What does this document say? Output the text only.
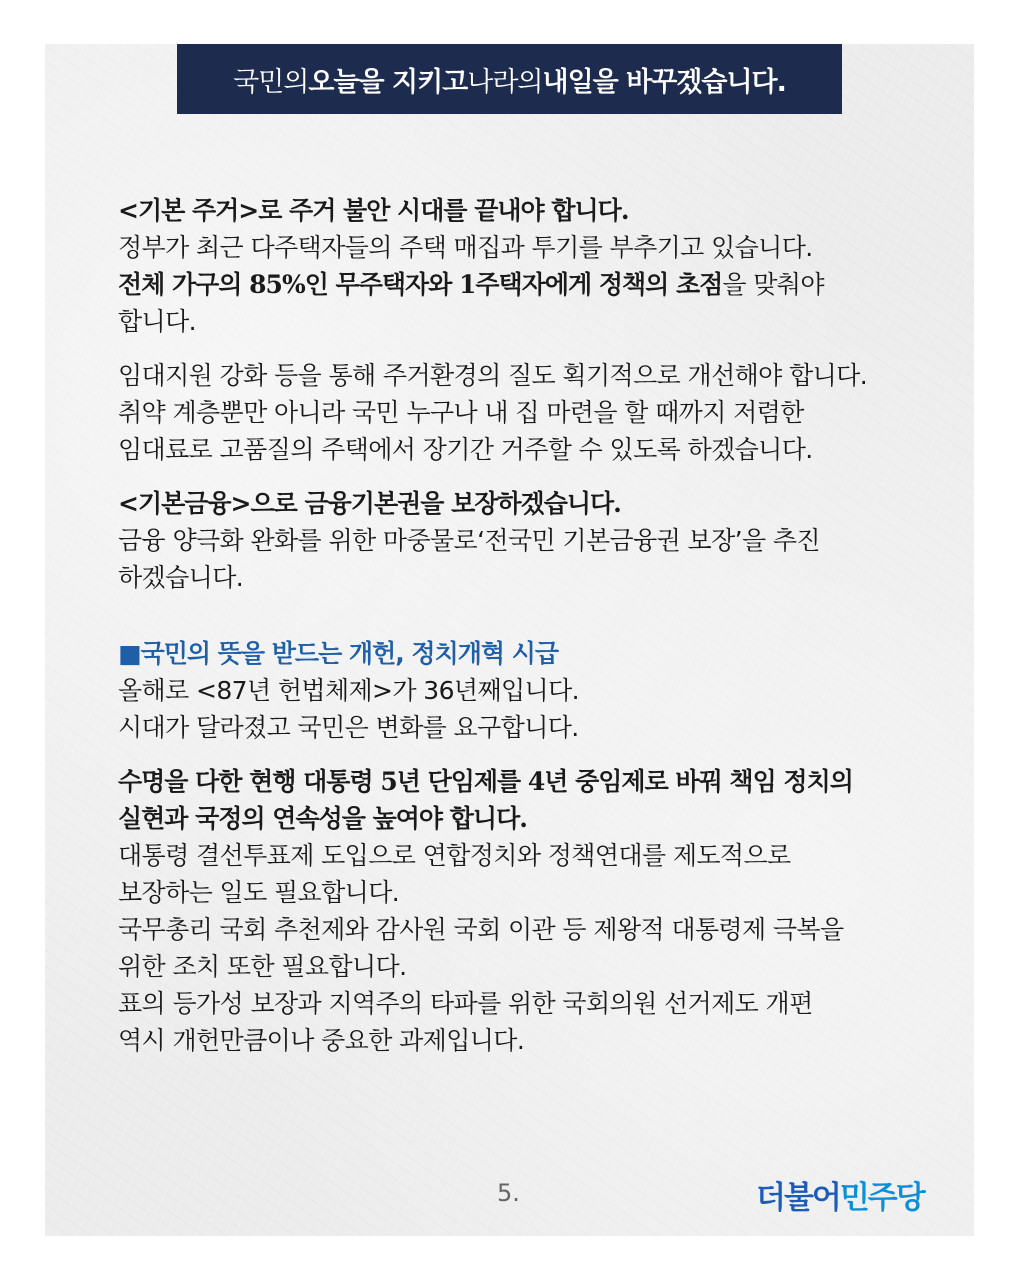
국민의 오늘을 지키고 나라의 내일을 바꾸겠습니다.
<기본 주거>로 주거 불안 시대를 끝내야 합니다.
정부가 최근 다주택자들의 주택 매집과 투기를 부추기고 있습니다.
전체 가구의 85%인 무주택자와 1주택자에게 정책의 초점을 맞춰야
합니다.
임대지원 강화 등을 통해 주거환경의 질도 획기적으로 개선해야 합니다.
취약 계층뿐만 아니라 국민 누구나 내 집 마련을 할 때까지 저렴한
임대료로 고품질의 주택에서 장기간 거주할 수 있도록 하겠습니다.
<기본금융>으로 금융기본권을 보장하겠습니다.
금융 양극화 완화를 위한 마중물로‘전국민 기본금융권 보장’을 추진
하겠습니다.
■국민의 뜻을 받드는 개헌, 정치개혁 시급
올해로 <87년 헌법체제>가 36년째입니다.
시대가 달라졌고 국민은 변화를 요구합니다.
수명을 다한 현행 대통령 5년 단임제를 4년 중임제로 바꿔 책임 정치의
실현과 국정의 연속성을 높여야 합니다.
대통령 결선투표제 도입으로 연합정치와 정책연대를 제도적으로
보장하는 일도 필요합니다.
국무총리 국회 추천제와 감사원 국회 이관 등 제왕적 대통령제 극복을
위한 조치 또한 필요합니다.
표의 등가성 보장과 지역주의 타파를 위한 국회의원 선거제도 개편
역시 개헌만큼이나 중요한 과제입니다.
5.	더불어민주당
